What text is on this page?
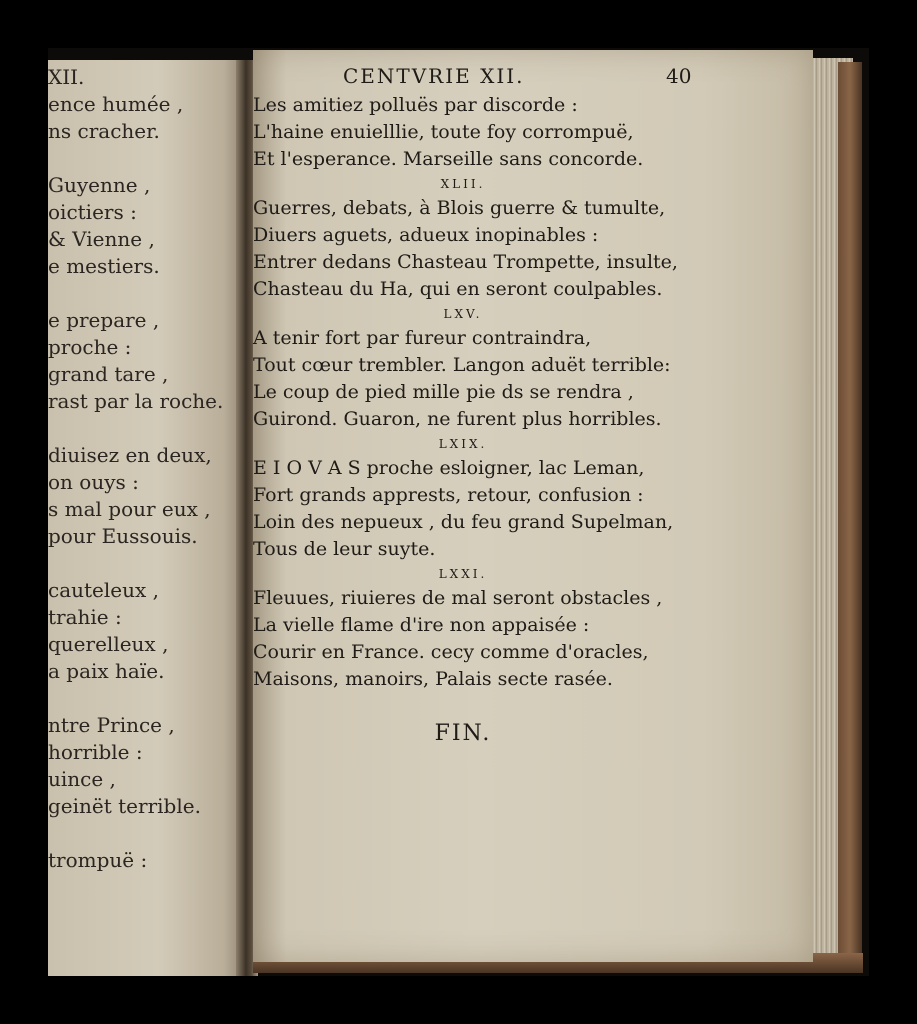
XII.
ence humée ,
ns cracher.
Guyenne ,
oictiers :
& Vienne ,
e mestiers.
e prepare ,
proche :
grand tare ,
rast par la roche.
diuisez en deux,
on ouys :
s mal pour eux ,
pour Eussouis.
cauteleux ,
trahie :
querelleux ,
a paix haïe.
ntre Prince ,
horrible :
uince ,
geinët terrible.
trompuë :
CENTVRIE XII.	40
Les amitiez polluës par discorde :
L'haine enuielllie, toute foy corrompuë,
Et l'esperance. Marseille sans concorde.
XLII.
Guerres, debats, à Blois guerre & tumulte,
Diuers aguets, adueux inopinables :
Entrer dedans Chasteau Trompette, insulte,
Chasteau du Ha, qui en seront coulpables.
LXV.
A tenir fort par fureur contraindra,
Tout cœur trembler. Langon aduët terrible:
Le coup de pied mille pie ds se rendra ,
Guirond. Guaron, ne furent plus horribles.
LXIX.
E I O V A S proche esloigner, lac Leman,
Fort grands apprests, retour, confusion :
Loin des nepueux , du feu grand Supelman,
Tous de leur suyte.
LXXI.
Fleuues, riuieres de mal seront obstacles ,
La vielle flame d'ire non appaisée :
Courir en France. cecy comme d'oracles,
Maisons, manoirs, Palais secte rasée.
FIN.
